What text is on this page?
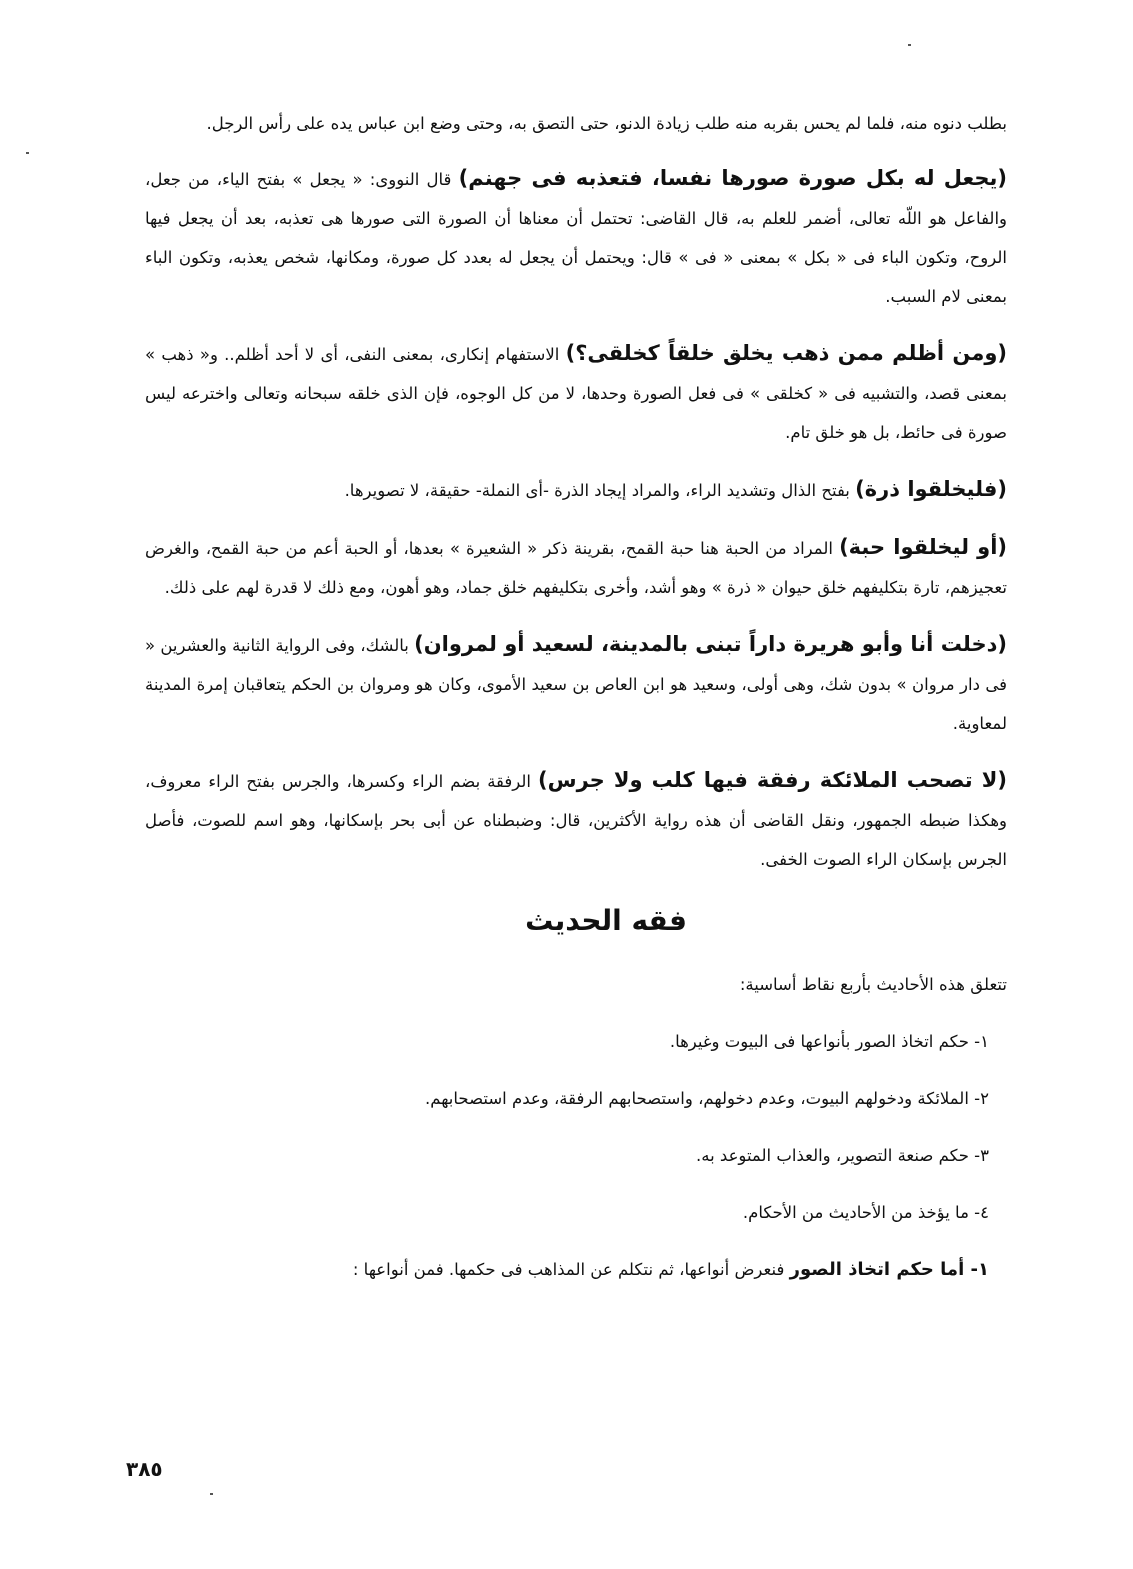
بطلب دنوه منه، فلما لم يحس بقربه منه طلب زيادة الدنو، حتى التصق به، وحتى وضع ابن عباس يده على رأس الرجل.

(يجعل له بكل صورة صورها نفسا، فتعذبه فى جهنم) قال النووى: « يجعل » بفتح الياء، من جعل، والفاعل هو اللّه تعالى، أضمر للعلم به، قال القاضى: تحتمل أن معناها أن الصورة التى صورها هى تعذبه، بعد أن يجعل فيها الروح، وتكون الباء فى « بكل » بمعنى « فى » قال: ويحتمل أن يجعل له بعدد كل صورة، ومكانها، شخص يعذبه، وتكون الباء بمعنى لام السبب.

(ومن أظلم ممن ذهب يخلق خلقاً كخلقى؟) الاستفهام إنكارى، بمعنى النفى، أى لا أحد أظلم.. و« ذهب » بمعنى قصد، والتشبيه فى « كخلقى » فى فعل الصورة وحدها، لا من كل الوجوه، فإن الذى خلقه سبحانه وتعالى واخترعه ليس صورة فى حائط، بل هو خلق تام.

(فليخلقوا ذرة) بفتح الذال وتشديد الراء، والمراد إيجاد الذرة -أى النملة- حقيقة، لا تصويرها.

(أو ليخلقوا حبة) المراد من الحبة هنا حبة القمح، بقرينة ذكر « الشعيرة » بعدها، أو الحبة أعم من حبة القمح، والغرض تعجيزهم، تارة بتكليفهم خلق حيوان « ذرة » وهو أشد، وأخرى بتكليفهم خلق جماد، وهو أهون، ومع ذلك لا قدرة لهم على ذلك.

(دخلت أنا وأبو هريرة داراً تبنى بالمدينة، لسعيد أو لمروان) بالشك، وفى الرواية الثانية والعشرين « فى دار مروان » بدون شك، وهى أولى، وسعيد هو ابن العاص بن سعيد الأموى، وكان هو ومروان بن الحكم يتعاقبان إمرة المدينة لمعاوية.

(لا تصحب الملائكة رفقة فيها كلب ولا جرس) الرفقة بضم الراء وكسرها، والجرس بفتح الراء معروف، وهكذا ضبطه الجمهور، ونقل القاضى أن هذه رواية الأكثرين، قال: وضبطناه عن أبى بحر بإسكانها، وهو اسم للصوت، فأصل الجرس بإسكان الراء الصوت الخفى.

فقه الحديث

تتعلق هذه الأحاديث بأربع نقاط أساسية:

١- حكم اتخاذ الصور بأنواعها فى البيوت وغيرها.

٢- الملائكة ودخولهم البيوت، وعدم دخولهم، واستصحابهم الرفقة، وعدم استصحابهم.

٣- حكم صنعة التصوير، والعذاب المتوعد به.

٤- ما يؤخذ من الأحاديث من الأحكام.

١- أما حكم اتخاذ الصور فنعرض أنواعها، ثم نتكلم عن المذاهب فى حكمها. فمن أنواعها :

٣٨٥
